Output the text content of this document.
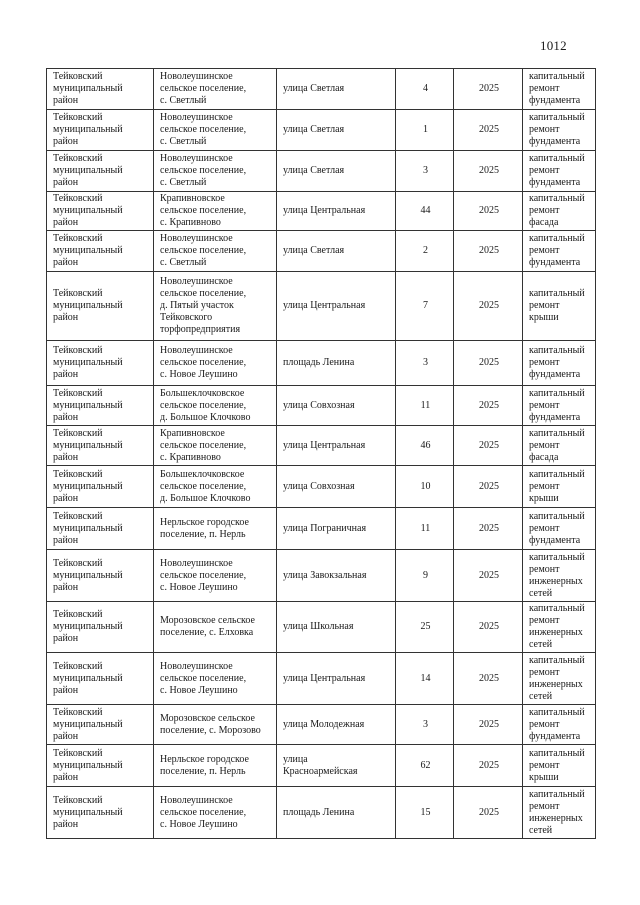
1012
Тейковский
муниципальный
район	Новолеушинское
сельское поселение,
с. Светлый	улица Светлая	4	2025	капитальный
ремонт
фундамента

Тейковский
муниципальный
район	Новолеушинское
сельское поселение,
с. Светлый	улица Светлая	1	2025	капитальный
ремонт
фундамента

Тейковский
муниципальный
район	Новолеушинское
сельское поселение,
с. Светлый	улица Светлая	3	2025	капитальный
ремонт
фундамента

Тейковский
муниципальный
район	Крапивновское
сельское поселение,
с. Крапивново	улица Центральная	44	2025	капитальный
ремонт фасада

Тейковский
муниципальный
район	Новолеушинское
сельское поселение,
с. Светлый	улица Светлая	2	2025	капитальный
ремонт
фундамента

Тейковский
муниципальный
район	Новолеушинское
сельское поселение,
д. Пятый участок
Тейковского
торфопредприятия	улица Центральная	7	2025	капитальный
ремонт крыши

Тейковский
муниципальный
район	Новолеушинское
сельское поселение,
с. Новое Леушино	площадь Ленина	3	2025	капитальный
ремонт
фундамента

Тейковский
муниципальный
район	Большеклочковское
сельское поселение,
д. Большое Клочково	улица Совхозная	11	2025	капитальный
ремонт
фундамента

Тейковский
муниципальный
район	Крапивновское
сельское поселение,
с. Крапивново	улица Центральная	46	2025	капитальный
ремонт фасада

Тейковский
муниципальный
район	Большеклочковское
сельское поселение,
д. Большое Клочково	улица Совхозная	10	2025	капитальный
ремонт крыши

Тейковский
муниципальный
район	Нерльское городское
поселение, п. Нерль	улица Пограничная	11	2025	капитальный
ремонт
фундамента

Тейковский
муниципальный
район	Новолеушинское
сельское поселение,
с. Новое Леушино	улица Завокзальная	9	2025	капитальный
ремонт
инженерных
сетей

Тейковский
муниципальный
район	Морозовское сельское
поселение, с. Елховка	улица Школьная	25	2025	капитальный
ремонт
инженерных
сетей

Тейковский
муниципальный
район	Новолеушинское
сельское поселение,
с. Новое Леушино	улица Центральная	14	2025	капитальный
ремонт
инженерных
сетей

Тейковский
муниципальный
район	Морозовское сельское
поселение, с. Морозово	улица Молодежная	3	2025	капитальный
ремонт
фундамента

Тейковский
муниципальный
район	Нерльское городское
поселение, п. Нерль	улица
Красноармейская	62	2025	капитальный
ремонт крыши

Тейковский
муниципальный
район	Новолеушинское
сельское поселение,
с. Новое Леушино	площадь Ленина	15	2025	капитальный
ремонт
инженерных
сетей
